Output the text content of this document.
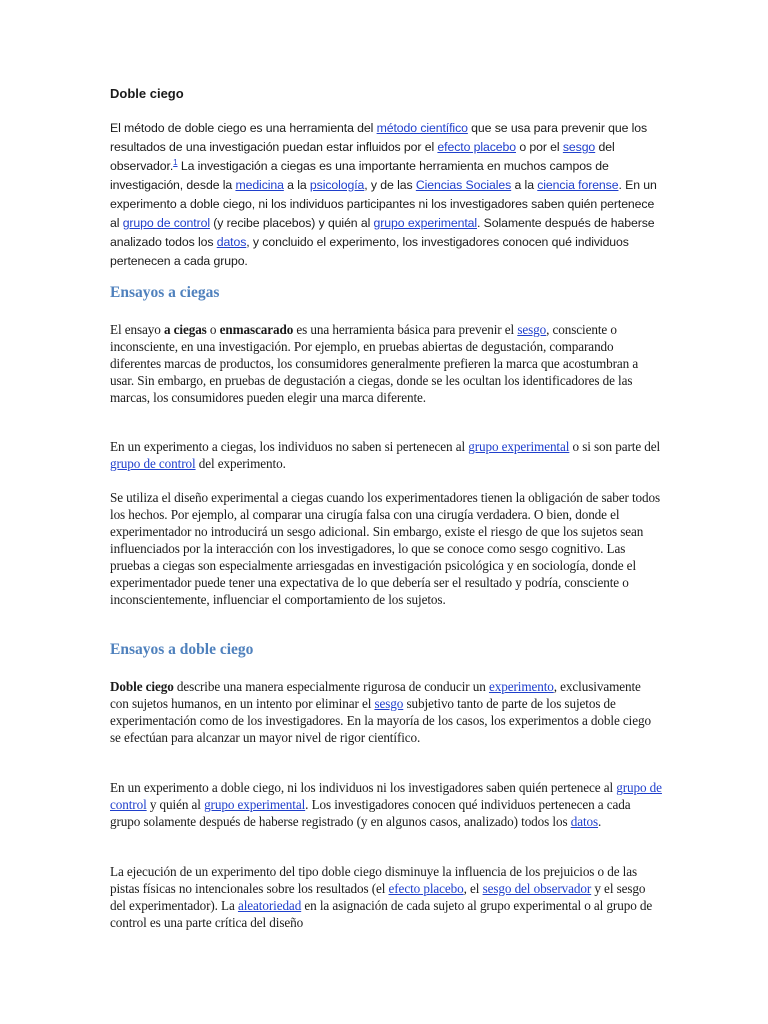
Doble ciego

El método de doble ciego es una herramienta del método científico que se usa para prevenir que los resultados de una investigación puedan estar influidos por el efecto placebo o por el sesgo del observador.$^1$ La investigación a ciegas es una importante herramienta en muchos campos de investigación, desde la medicina a la psicología, y de las Ciencias Sociales a la ciencia forense. En un experimento a doble ciego, ni los individuos participantes ni los investigadores saben quién pertenece al grupo de control (y recibe placebos) y quién al grupo experimental. Solamente después de haberse analizado todos los datos, y concluido el experimento, los investigadores conocen qué individuos pertenecen a cada grupo.

Ensayos a ciegas

El ensayo a ciegas o enmascarado es una herramienta básica para prevenir el sesgo, consciente o inconsciente, en una investigación. Por ejemplo, en pruebas abiertas de degustación, comparando diferentes marcas de productos, los consumidores generalmente prefieren la marca que acostumbran a usar. Sin embargo, en pruebas de degustación a ciegas, donde se les ocultan los identificadores de las marcas, los consumidores pueden elegir una marca diferente.

En un experimento a ciegas, los individuos no saben si pertenecen al grupo experimental o si son parte del grupo de control del experimento.

Se utiliza el diseño experimental a ciegas cuando los experimentadores tienen la obligación de saber todos los hechos. Por ejemplo, al comparar una cirugía falsa con una cirugía verdadera. O bien, donde el experimentador no introducirá un sesgo adicional. Sin embargo, existe el riesgo de que los sujetos sean influenciados por la interacción con los investigadores, lo que se conoce como sesgo cognitivo. Las pruebas a ciegas son especialmente arriesgadas en investigación psicológica y en sociología, donde el experimentador puede tener una expectativa de lo que debería ser el resultado y podría, consciente o inconscientemente, influenciar el comportamiento de los sujetos.

Ensayos a doble ciego

Doble ciego describe una manera especialmente rigurosa de conducir un experimento, exclusivamente con sujetos humanos, en un intento por eliminar el sesgo subjetivo tanto de parte de los sujetos de experimentación como de los investigadores. En la mayoría de los casos, los experimentos a doble ciego se efectúan para alcanzar un mayor nivel de rigor científico.

En un experimento a doble ciego, ni los individuos ni los investigadores saben quién pertenece al grupo de control y quién al grupo experimental. Los investigadores conocen qué individuos pertenecen a cada grupo solamente después de haberse registrado (y en algunos casos, analizado) todos los datos.

La ejecución de un experimento del tipo doble ciego disminuye la influencia de los prejuicios o de las pistas físicas no intencionales sobre los resultados (el efecto placebo, el sesgo del observador y el sesgo del experimentador). La aleatoriedad en la asignación de cada sujeto al grupo experimental o al grupo de control es una parte crítica del diseño
